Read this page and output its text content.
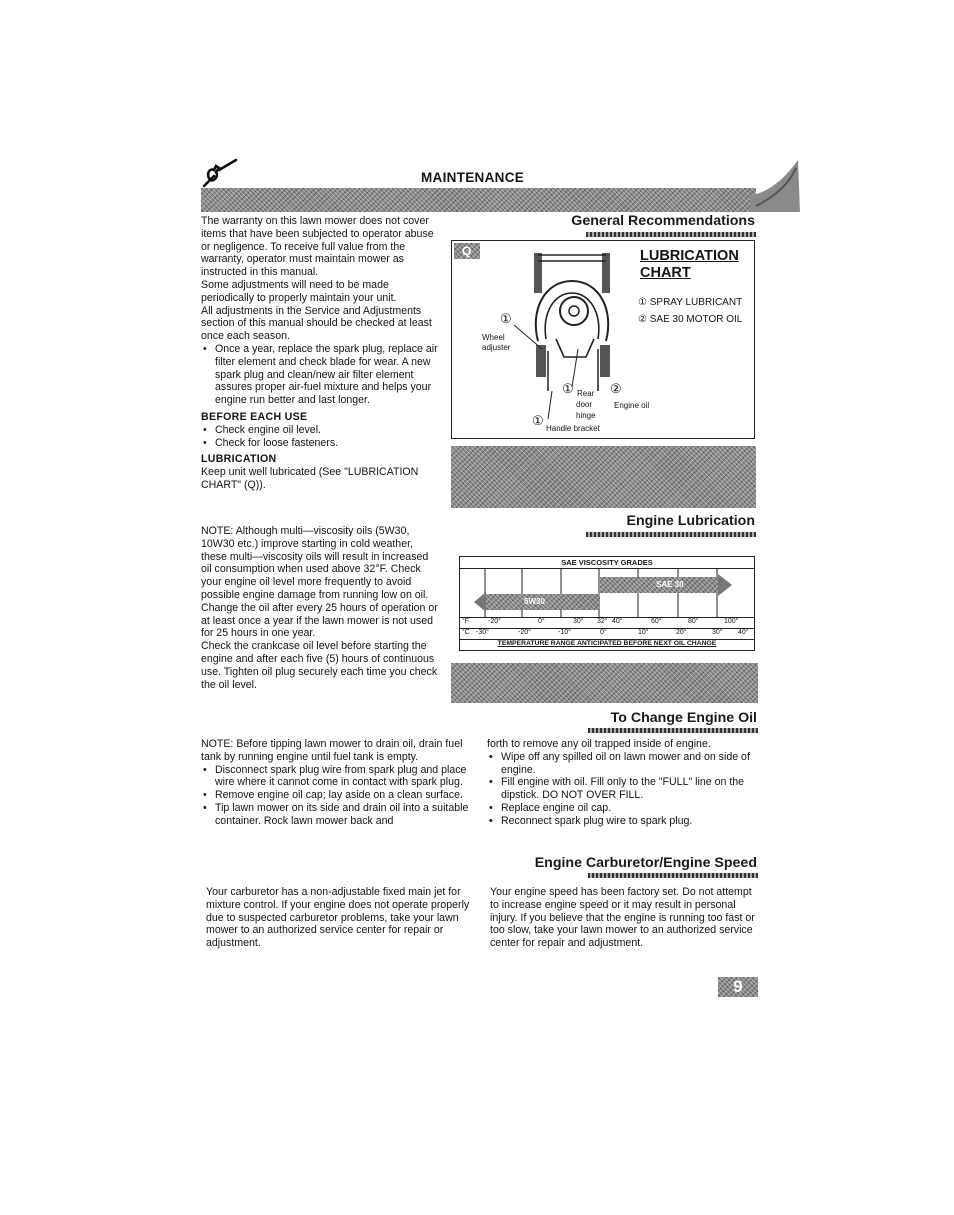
MAINTENANCE
The warranty on this lawn mower does not cover items that have been subjected to operator abuse or negligence. To receive full value from the warranty, operator must maintain mower as instructed in this manual.
Some adjustments will need to be made periodically to properly maintain your unit.
All adjustments in the Service and Adjustments section of this manual should be checked at least once each season.
• Once a year, replace the spark plug, replace air filter element and check blade for wear. A new spark plug and clean/new air filter element assures proper air-fuel mixture and helps your engine run better and last longer.
BEFORE EACH USE
• Check engine oil level.
• Check for loose fasteners.
LUBRICATION
Keep unit well lubricated (See "LUBRICATION CHART" (Q)).
General Recommendations
Q
①
Wheel
adjuster
① Rear
door
hinge
②
Engine oil
①
Handle bracket
LUBRICATION
CHART
① SPRAY LUBRICANT
② SAE 30 MOTOR OIL
Engine Lubrication
NOTE: Although multi—viscosity oils (5W30, 10W30 etc.) improve starting in cold weather, these multi—viscosity oils will result in increased oil consumption when used above 32°F. Check your engine oil level more frequently to avoid possible engine damage from running low on oil.
Change the oil after every 25 hours of operation or at least once a year if the lawn mower is not used for 25 hours in one year.
Check the crankcase oil level before starting the engine and after each five (5) hours of continuous use. Tighten oil plug securely each time you check the oil level.
SAE VISCOSITY GRADES
SAE 30
5W30
°F	-20°	0°	30° 32° 40°	60°	80°	100°
°C -30°	-20°	-10°	0°	10°	20°	30° 40°
TEMPERATURE RANGE ANTICIPATED BEFORE NEXT OIL CHANGE
To Change Engine Oil
NOTE: Before tipping lawn mower to drain oil, drain fuel tank by running engine until fuel tank is empty.
• Disconnect spark plug wire from spark plug and place wire where it cannot come in contact with spark plug.
• Remove engine oil cap; lay aside on a clean surface.
• Tip lawn mower on its side and drain oil into a suitable container. Rock lawn mower back and
forth to remove any oil trapped inside of engine.
• Wipe off any spilled oil on lawn mower and on side of engine.
• Fill engine with oil. Fill only to the "FULL" line on the dipstick. DO NOT OVER FILL.
• Replace engine oil cap.
• Reconnect spark plug wire to spark plug.
Engine Carburetor/Engine Speed
Your carburetor has a non-adjustable fixed main jet for mixture control. If your engine does not operate properly due to suspected carburetor problems, take your lawn mower to an authorized service center for repair or adjustment.
Your engine speed has been factory set. Do not attempt to increase engine speed or it may result in personal injury. If you believe that the engine is running too fast or too slow, take your lawn mower to an authorized service center for repair and adjustment.
9
